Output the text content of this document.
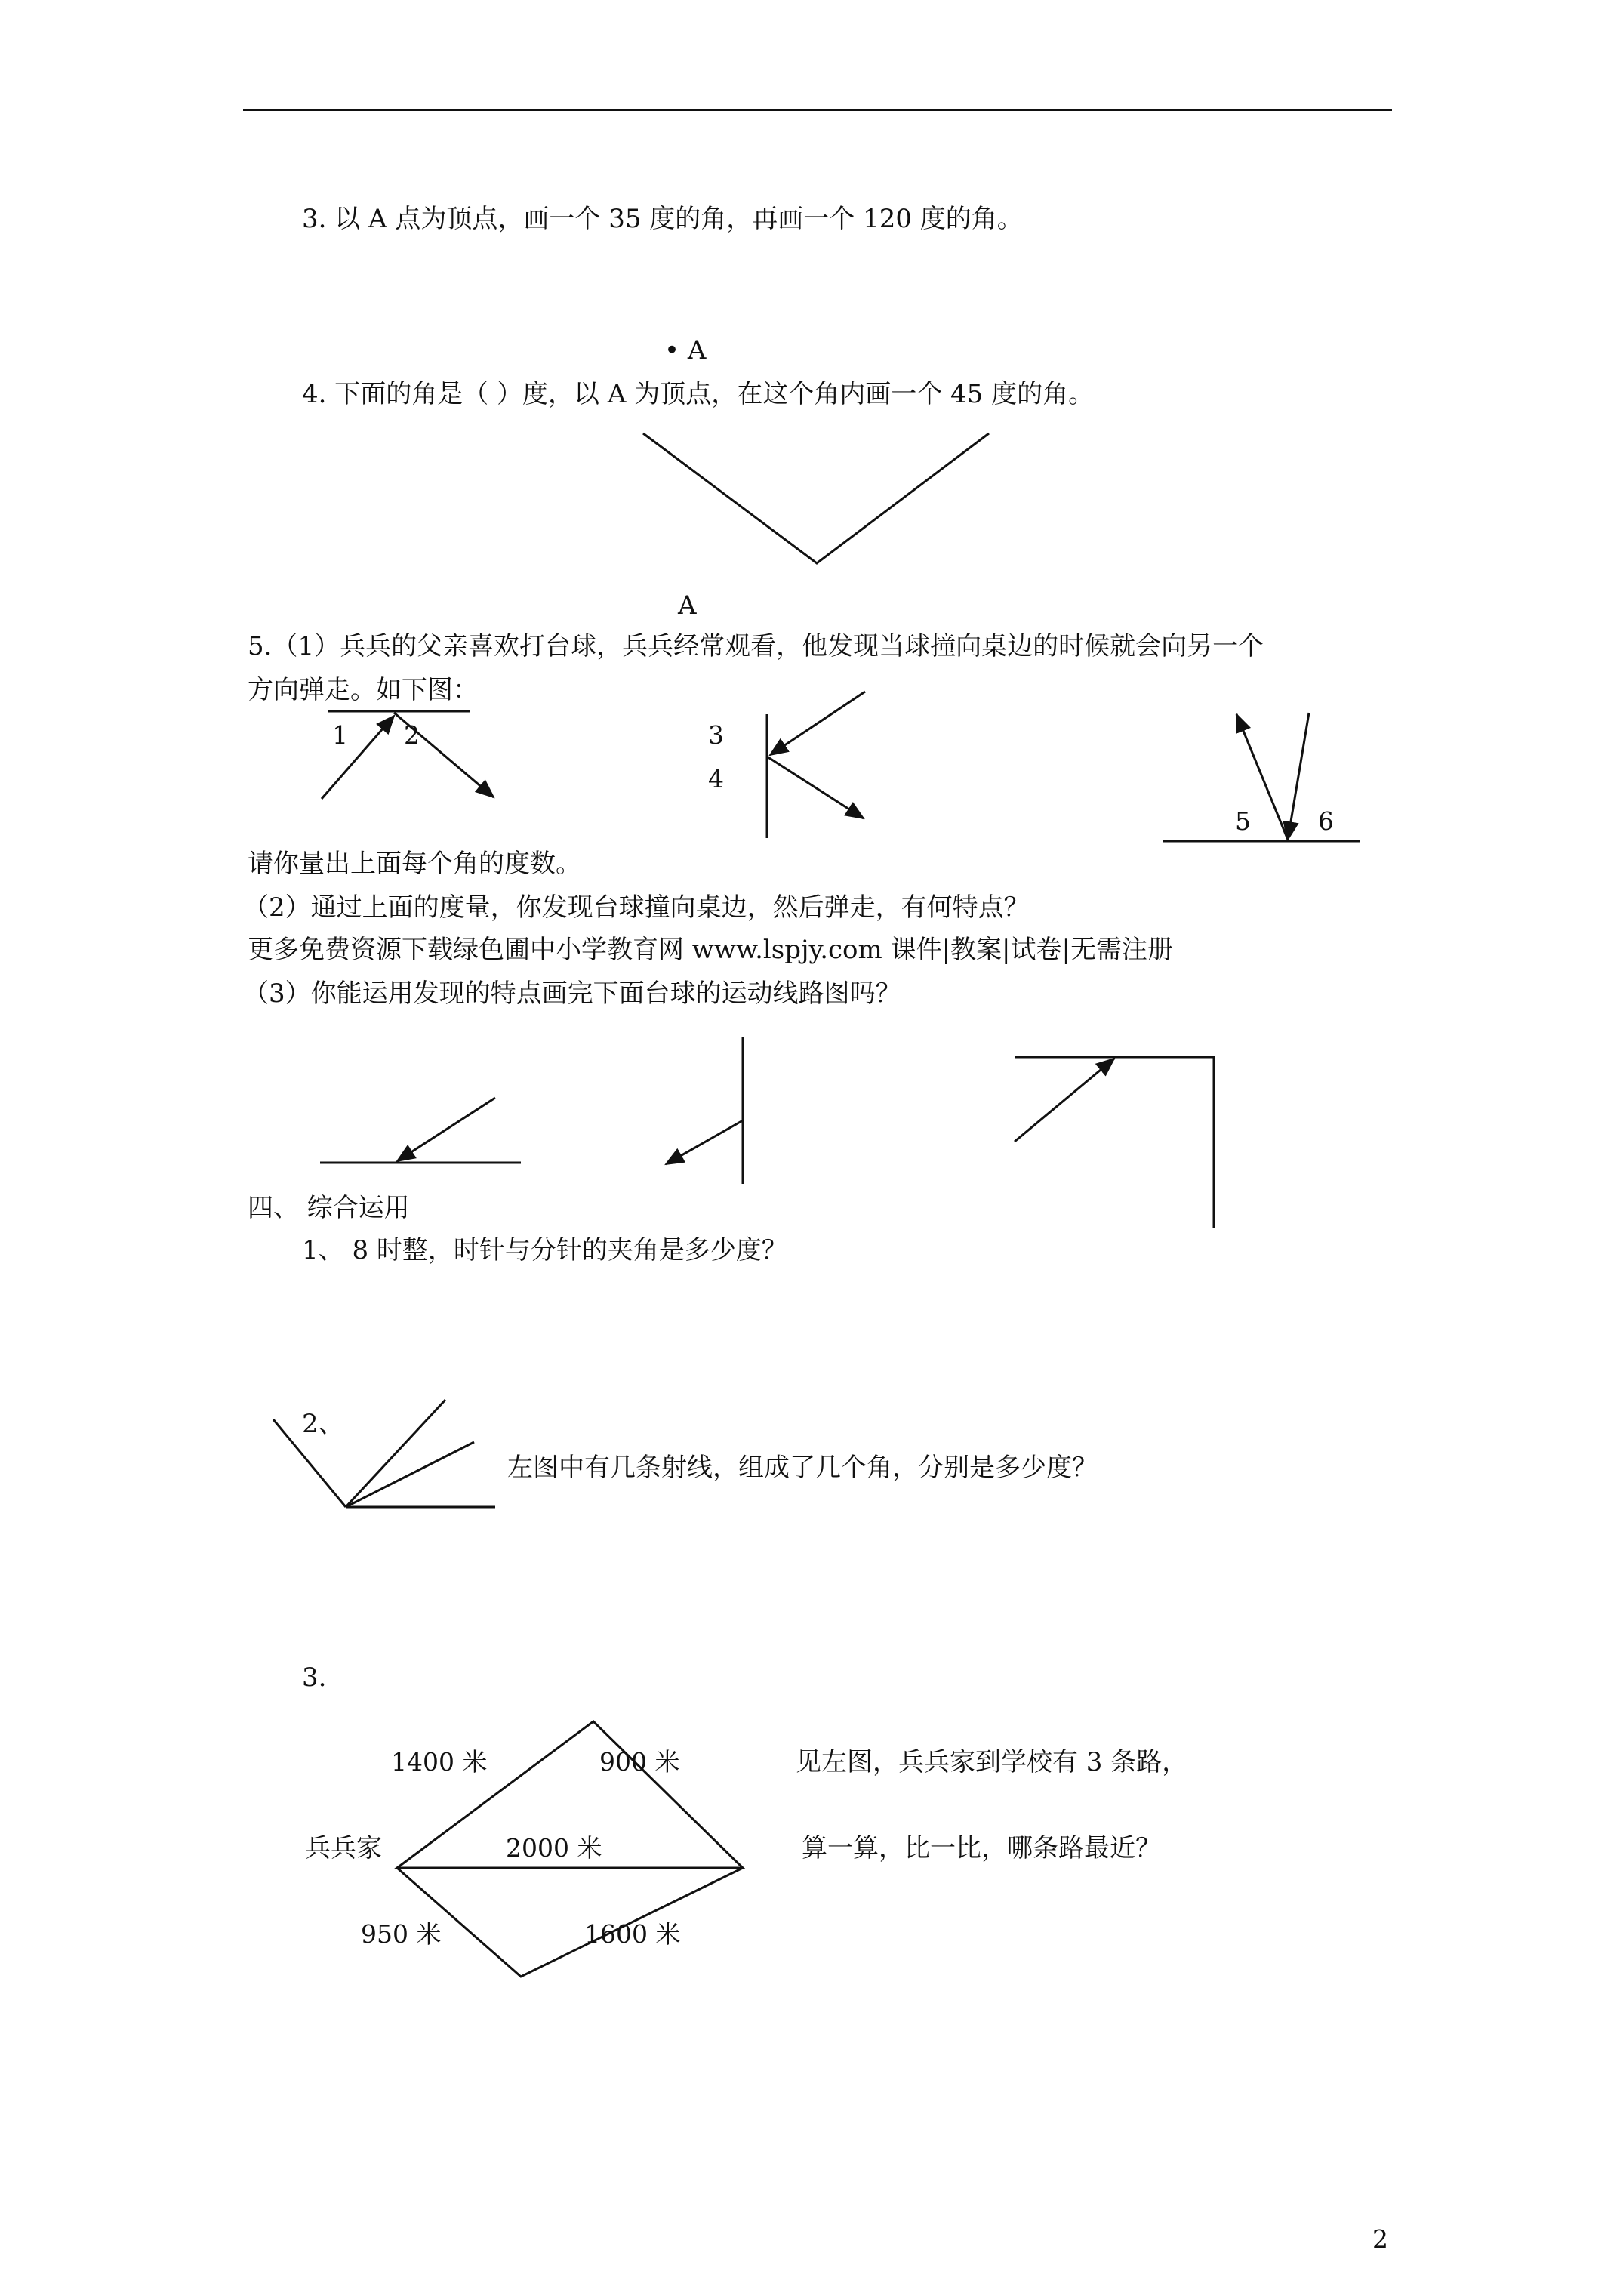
3. 以 A 点为顶点，画一个 35 度的角，再画一个 120 度的角。
• A
4. 下面的角是（ ）度，以 A 为顶点，在这个角内画一个 45 度的角。
A
5.（1）兵兵的父亲喜欢打台球，兵兵经常观看，他发现当球撞向桌边的时候就会向另一个
方向弹走。如下图：
1 2	3
4
5	6
请你量出上面每个角的度数。
（2）通过上面的度量，你发现台球撞向桌边，然后弹走，有何特点？
更多免费资源下载绿色圃中小学教育网 www.lspjy.com 课件|教案|试卷|无需注册
（3）你能运用发现的特点画完下面台球的运动线路图吗？
四、 综合运用
1、 8 时整，时针与分针的夹角是多少度？
2、
左图中有几条射线，组成了几个角，分别是多少度？
3.
见左图，兵兵家到学校有 3 条路，
算一算，比一比，哪条路最近？
1400 米	900 米
兵兵家	2000 米
950 米	1600 米
2
